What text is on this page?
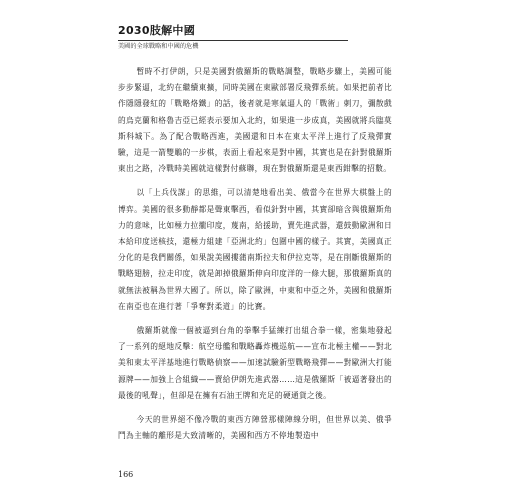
2030肢解中國
美國的全球戰略和中國的危機

暫時不打伊朗，只是美國對俄羅斯的戰略調整，戰略步驟上，美國可能步步緊逼，北約在繼續東擴，同時美國在東歐部署反飛彈系統。如果把前者比作隱隱發紅的「戰略烙鐵」的話，後者就是寒氣逼人的「戰術」刺刀，彌散戲的烏克蘭和格魯吉亞已經表示要加入北約，如果進一步成真，美國就將兵臨莫斯科城下。為了配合戰略西進，美國還和日本在東太平洋上進行了反飛彈實驗，這是一箭雙鵰的一步棋，表面上看起來是對中國，其實也是在針對俄羅斯東出之路，冷戰時美國就這樣對付蘇聯，現在對俄羅斯還是東西鉗擊的招數。

以「上兵伐謀」的思維，可以清楚地看出美、俄當今在世界大棋盤上的博弈。美國的很多動靜都是聲東擊西，看似針對中國，其實卻暗含與俄羅斯角力的意味，比如極力拉攏印度，蔑南，給援助，賣先進武器，還鼓動歐洲和日本給印度送核技，還極力組建「亞洲北約」包圍中國的樣子。其實，美國真正分化的是我們關係，如果說美國摟蒲南斯拉夫和伊拉克等，是在削斷俄羅斯的戰略翅膀，拉走印度，就是卸掉俄羅斯伸向印度洋的一條大腿，那俄羅斯真的就無法被稱為世界大國了。所以，除了歐洲，中東和中亞之外，美國和俄羅斯在南亞也在進行著「爭奪對柔道」的比賽。

俄羅斯就像一個被逼到台角的拳擊手猛練打出組合拳一樣，密集地發起了一系列的絕地反擊：航空母艦和戰略轟炸機巡航——宣布北極主權——對北美和東太平洋基地進行戰略偵察——加速試驗新型戰略飛彈——對歐洲大打能源牌——加強上合組織——賣給伊朗先進武器……這是俄羅斯「被逼著發出的最後的吼聲」，但卻是在擁有石油王牌和充足的硬通貨之後。

今天的世界絕不像冷戰的東西方陣營那樣陣線分明，但世界以美、俄爭鬥為主軸的離形是大致清晰的，美國和西方不停地製造中

166
